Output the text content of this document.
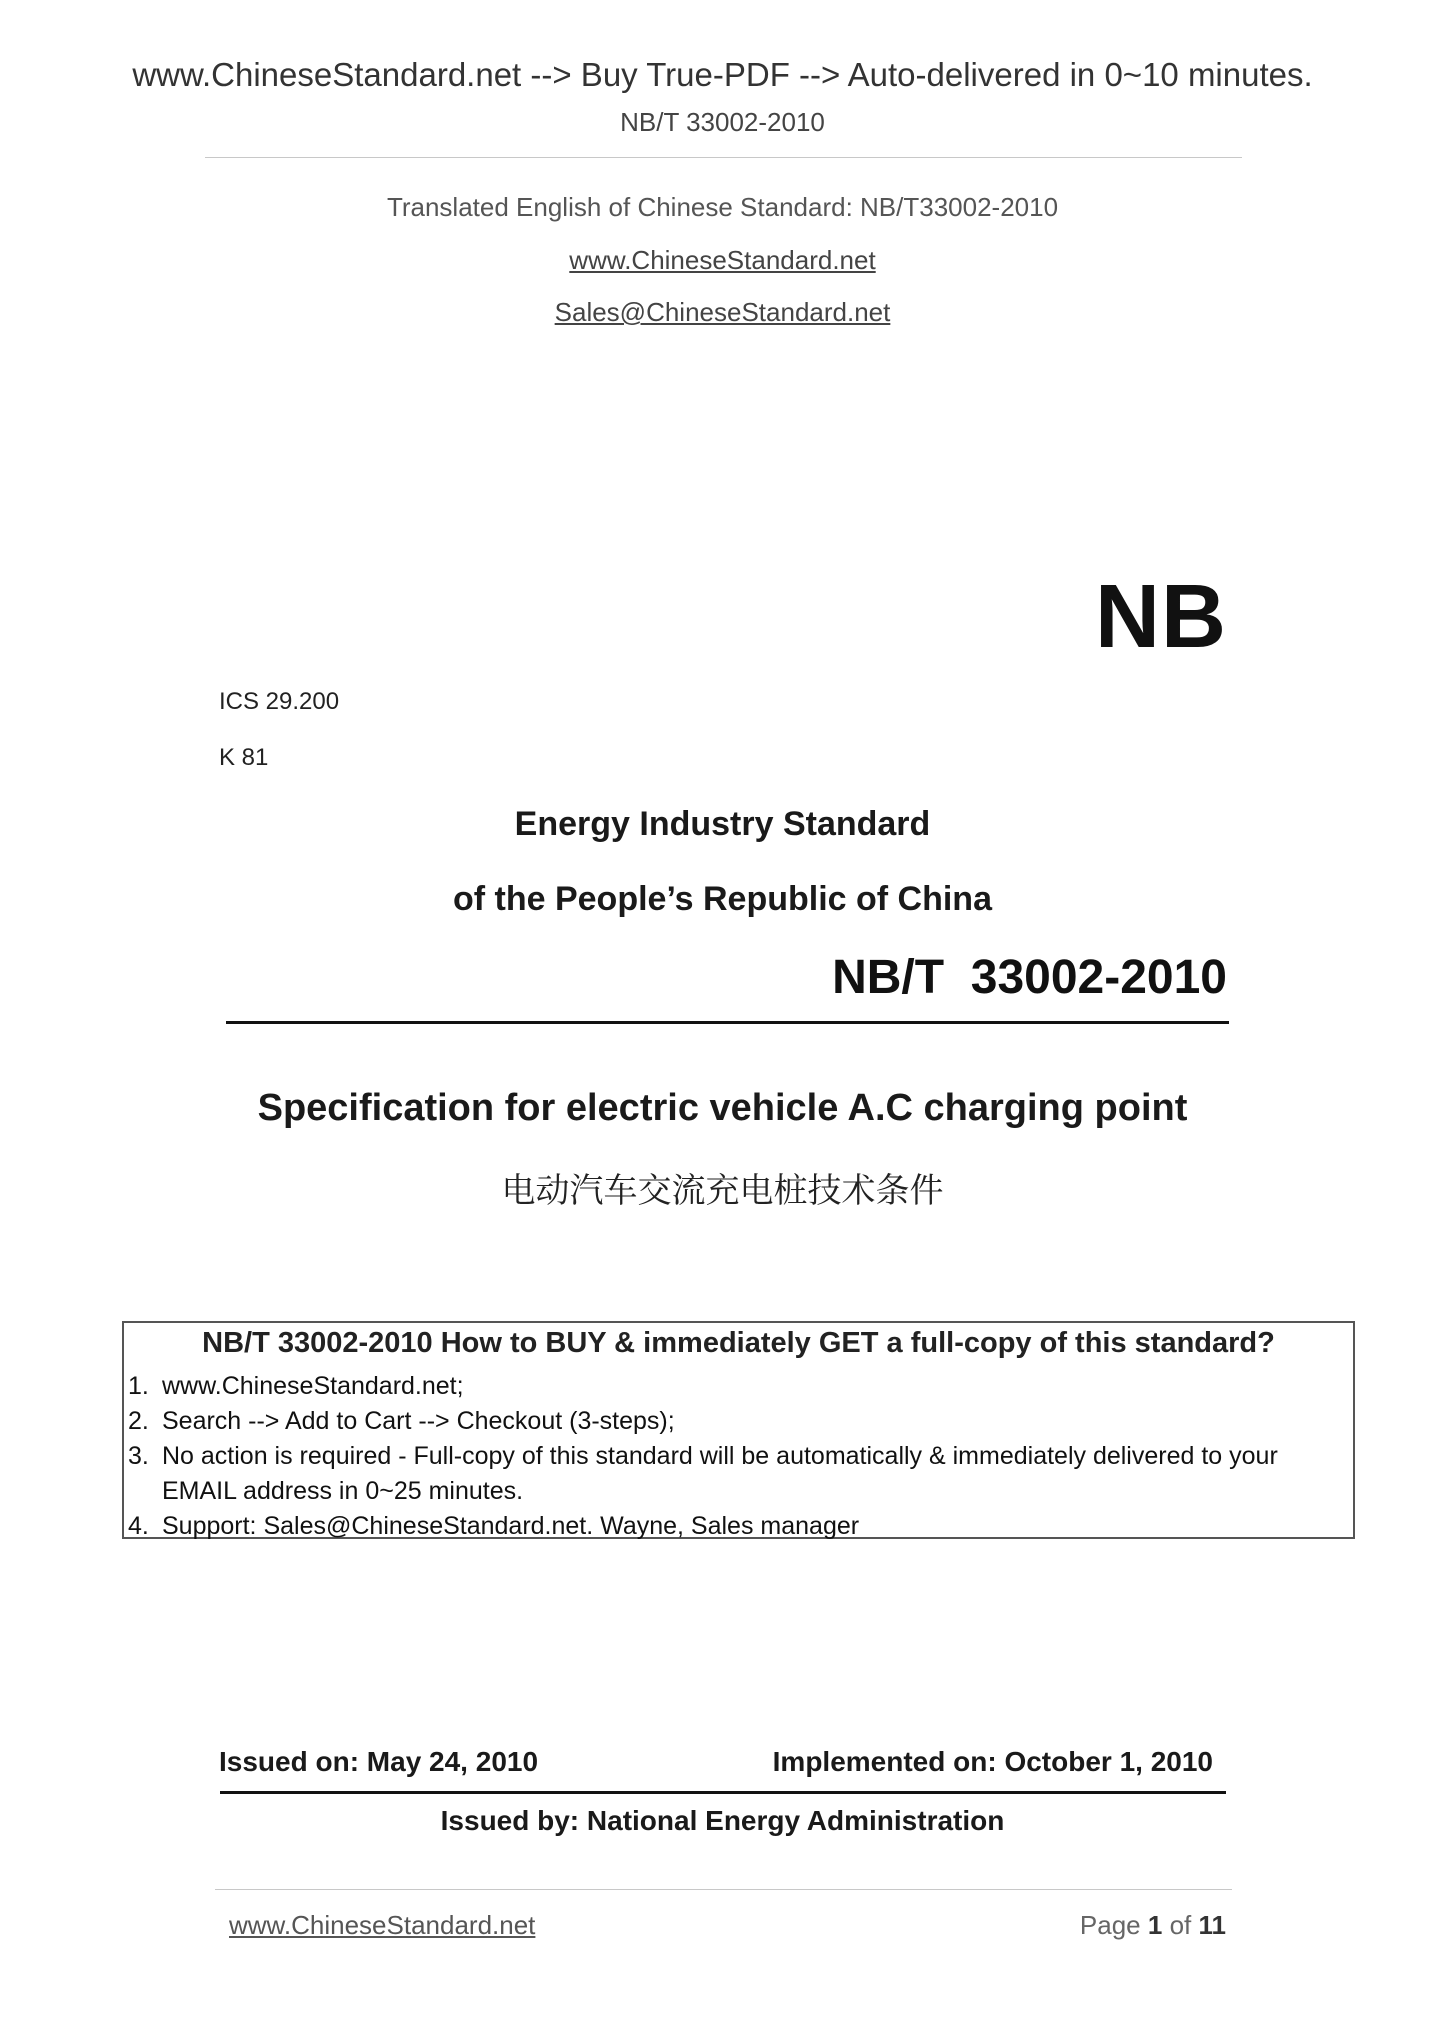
www.ChineseStandard.net --> Buy True-PDF --> Auto-delivered in 0~10 minutes.
NB/T 33002-2010
Translated English of Chinese Standard: NB/T33002-2010
www.ChineseStandard.net
Sales@ChineseStandard.net
NB
ICS 29.200
K 81
Energy Industry Standard
of the People’s Republic of China
NB/T  33002-2010
Specification for electric vehicle A.C charging point
电动汽车交流充电桩技术条件
NB/T 33002-2010 How to BUY & immediately GET a full-copy of this standard?
1. www.ChineseStandard.net;
2. Search --> Add to Cart --> Checkout (3-steps);
3. No action is required - Full-copy of this standard will be automatically & immediately delivered to your EMAIL address in 0~25 minutes.
4. Support: Sales@ChineseStandard.net. Wayne, Sales manager
Issued on: May 24, 2010	Implemented on: October 1, 2010
Issued by: National Energy Administration
www.ChineseStandard.net	Page 1 of 11
